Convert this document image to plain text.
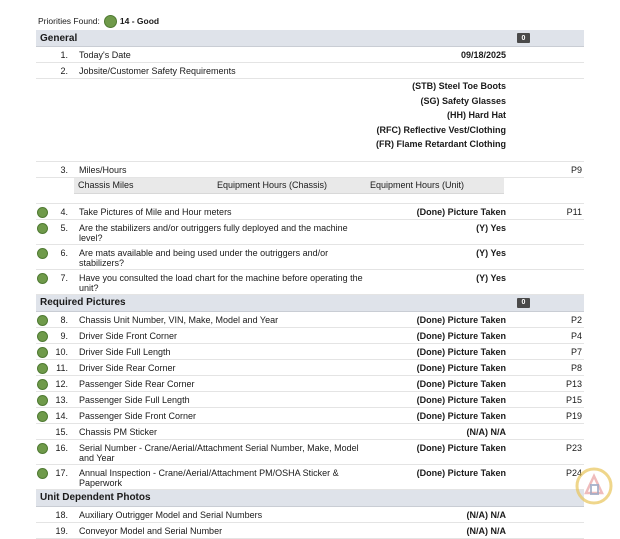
Priorities Found: 14 - Good
General	0
1. Today's Date	09/18/2025
2. Jobsite/Customer Safety Requirements
(STB) Steel Toe Boots
(SG) Safety Glasses
(HH) Hard Hat
(RFC) Reflective Vest/Clothing
(FR) Flame Retardant Clothing
3. Miles/Hours	P9
Chassis Miles	Equipment Hours (Chassis)	Equipment Hours (Unit)
4. Take Pictures of Mile and Hour meters	(Done) Picture Taken	P11
5. Are the stabilizers and/or outriggers fully deployed and the machine level?
(Y) Yes
6. Are mats available and being used under the outriggers and/or stabilizers?
(Y) Yes
7. Have you consulted the load chart for the machine before operating the unit?
(Y) Yes
Required Pictures	0
8. Chassis Unit Number, VIN, Make, Model and Year	(Done) Picture Taken	P2
9. Driver Side Front Corner	(Done) Picture Taken	P4
10. Driver Side Full Length	(Done) Picture Taken	P7
11. Driver Side Rear Corner	(Done) Picture Taken	P8
12. Passenger Side Rear Corner	(Done) Picture Taken	P13
13. Passenger Side Full Length	(Done) Picture Taken	P15
14. Passenger Side Front Corner	(Done) Picture Taken	P19
15. Chassis PM Sticker	(N/A) N/A
16. Serial Number - Crane/Aerial/Attachment Serial Number, Make, Model and Year
(Done) Picture Taken	P23
17. Annual Inspection - Crane/Aerial/Attachment PM/OSHA Sticker & Paperwork
(Done) Picture Taken	P24
Unit Dependent Photos
18. Auxiliary Outrigger Model and Serial Numbers	(N/A) N/A
19. Conveyor Model and Serial Number	(N/A) N/A
